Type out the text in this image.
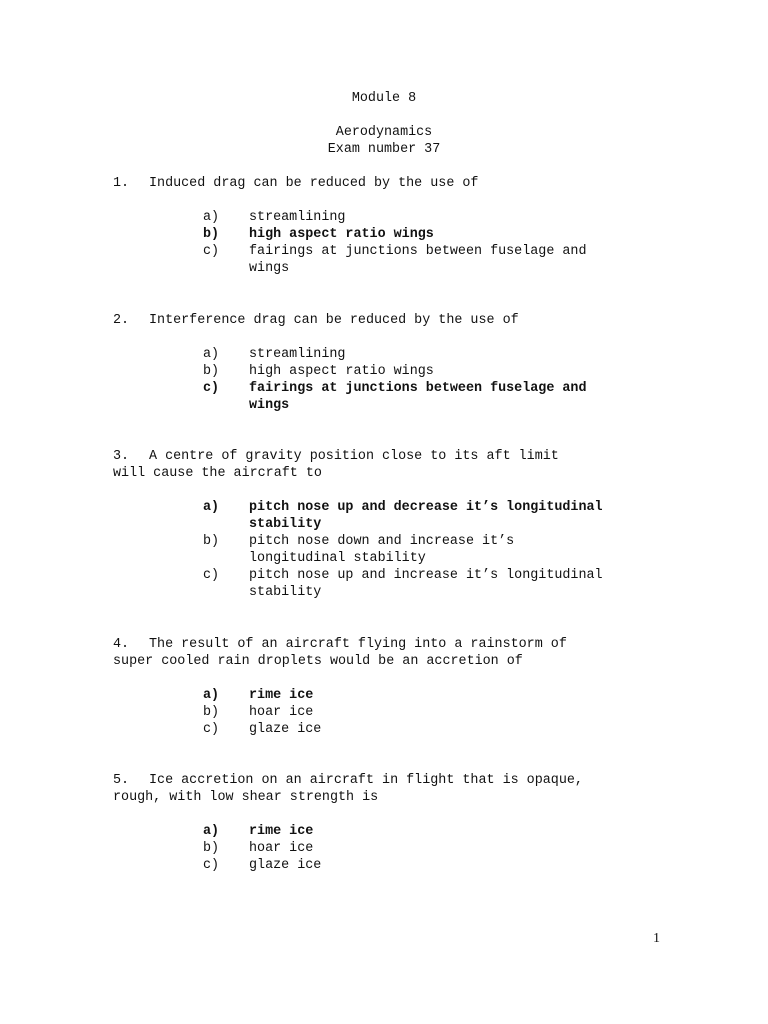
Module 8
Aerodynamics
Exam number 37
1. Induced drag can be reduced by the use of
a) streamlining
b) high aspect ratio wings
c) fairings at junctions between fuselage and
wings
2. Interference drag can be reduced by the use of
a) streamlining
b) high aspect ratio wings
c) fairings at junctions between fuselage and
wings
3. A centre of gravity position close to its aft limit
will cause the aircraft to
a) pitch nose up and decrease it’s longitudinal
stability
b) pitch nose down and increase it’s
longitudinal stability
c) pitch nose up and increase it’s longitudinal
stability
4. The result of an aircraft flying into a rainstorm of
super cooled rain droplets would be an accretion of
a) rime ice
b) hoar ice
c) glaze ice
5. Ice accretion on an aircraft in flight that is opaque,
rough, with low shear strength is
a) rime ice
b) hoar ice
c) glaze ice
1
